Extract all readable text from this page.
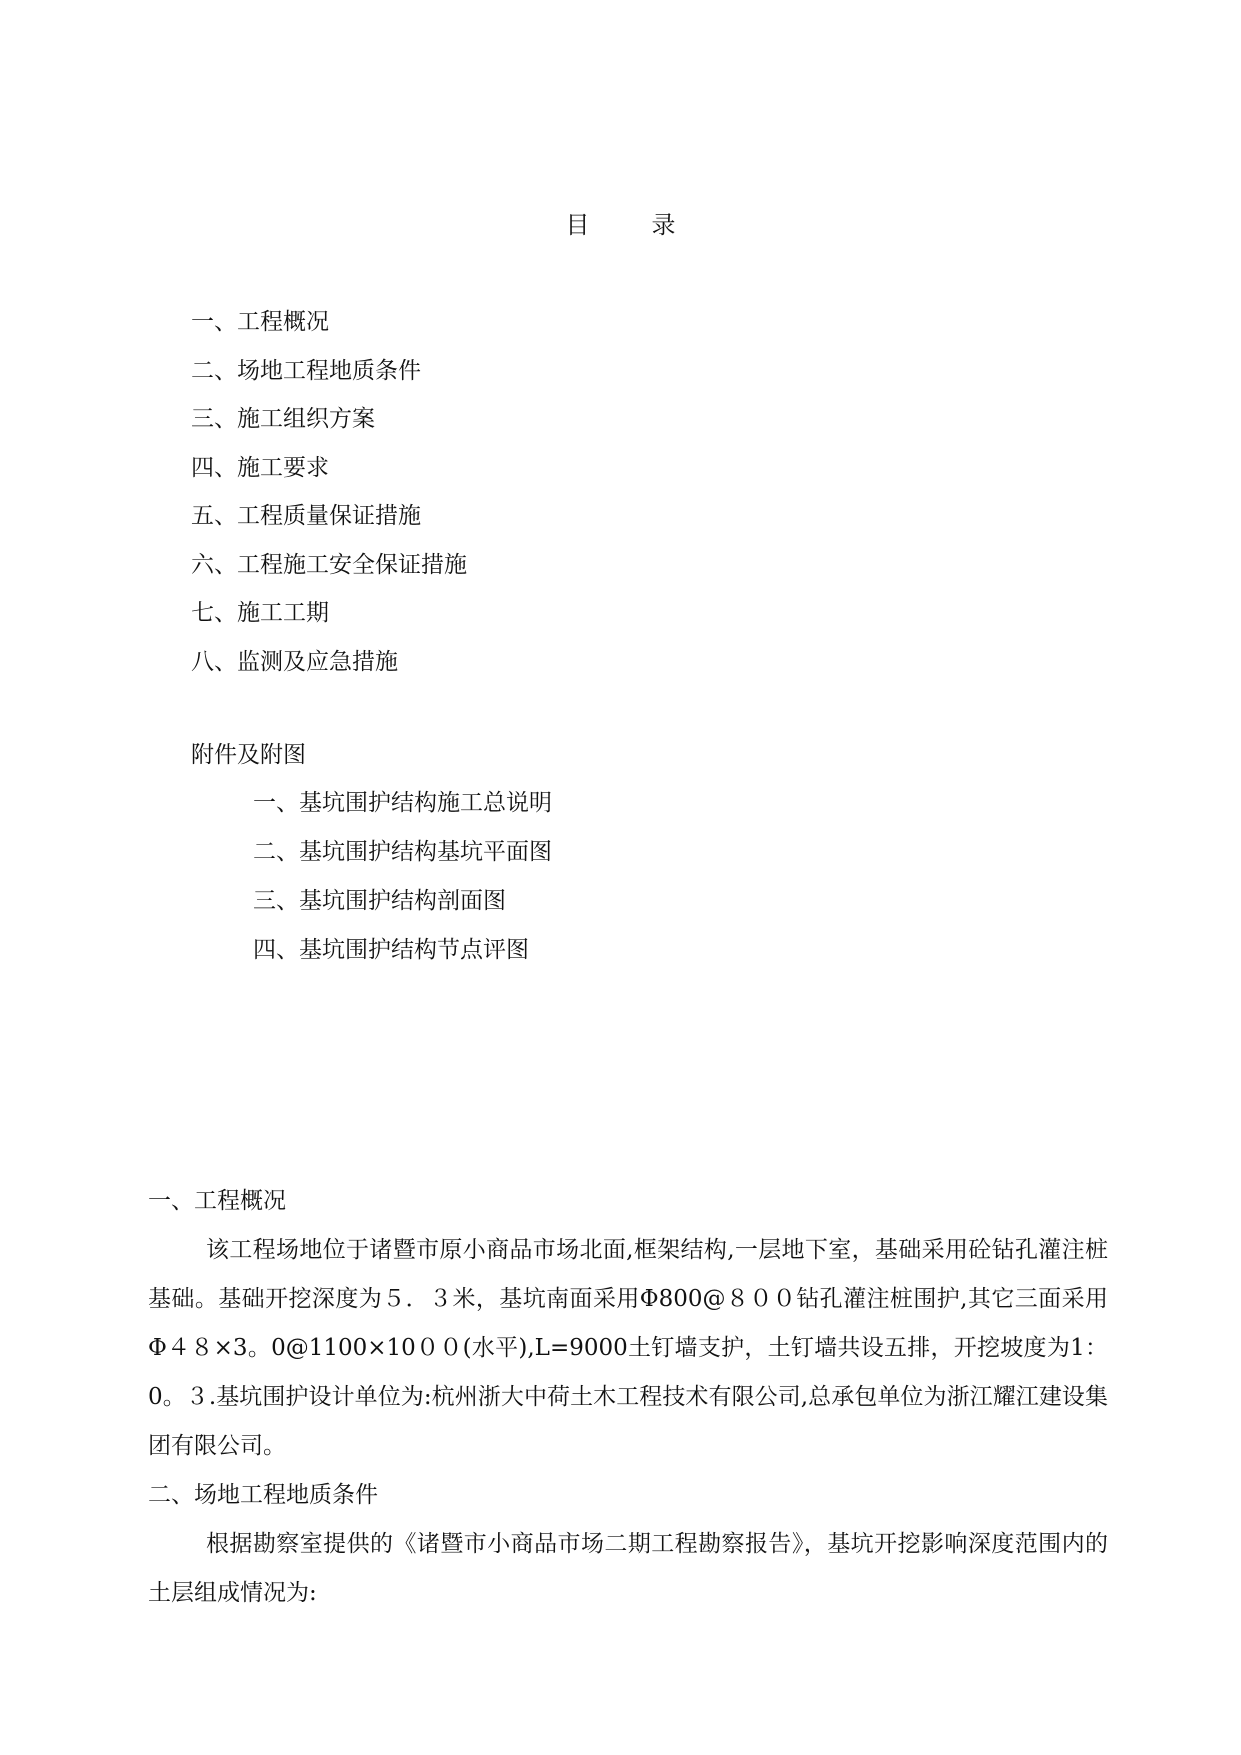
目	录
一、工程概况
二、场地工程地质条件
三、施工组织方案
四、施工要求
五、工程质量保证措施
六、工程施工安全保证措施
七、施工工期
八、监测及应急措施
附件及附图
一、基坑围护结构施工总说明
二、基坑围护结构基坑平面图
三、基坑围护结构剖面图
四、基坑围护结构节点评图
一、工程概况

该工程场地位于诸暨市原小商品市场北面,框架结构,一层地下室，基础采用砼钻孔灌注桩基础。基础开挖深度为５．３米，基坑南面采用Φ800@８００钻孔灌注桩围护,其它三面采用Φ４８×3。0@1100×10００(水平),L=9000土钉墙支护，土钉墙共设五排，开挖坡度为1：0。３.基坑围护设计单位为:杭州浙大中荷土木工程技术有限公司,总承包单位为浙江耀江建设集团有限公司。

二、场地工程地质条件

根据勘察室提供的《诸暨市小商品市场二期工程勘察报告》，基坑开挖影响深度范围内的土层组成情况为:
